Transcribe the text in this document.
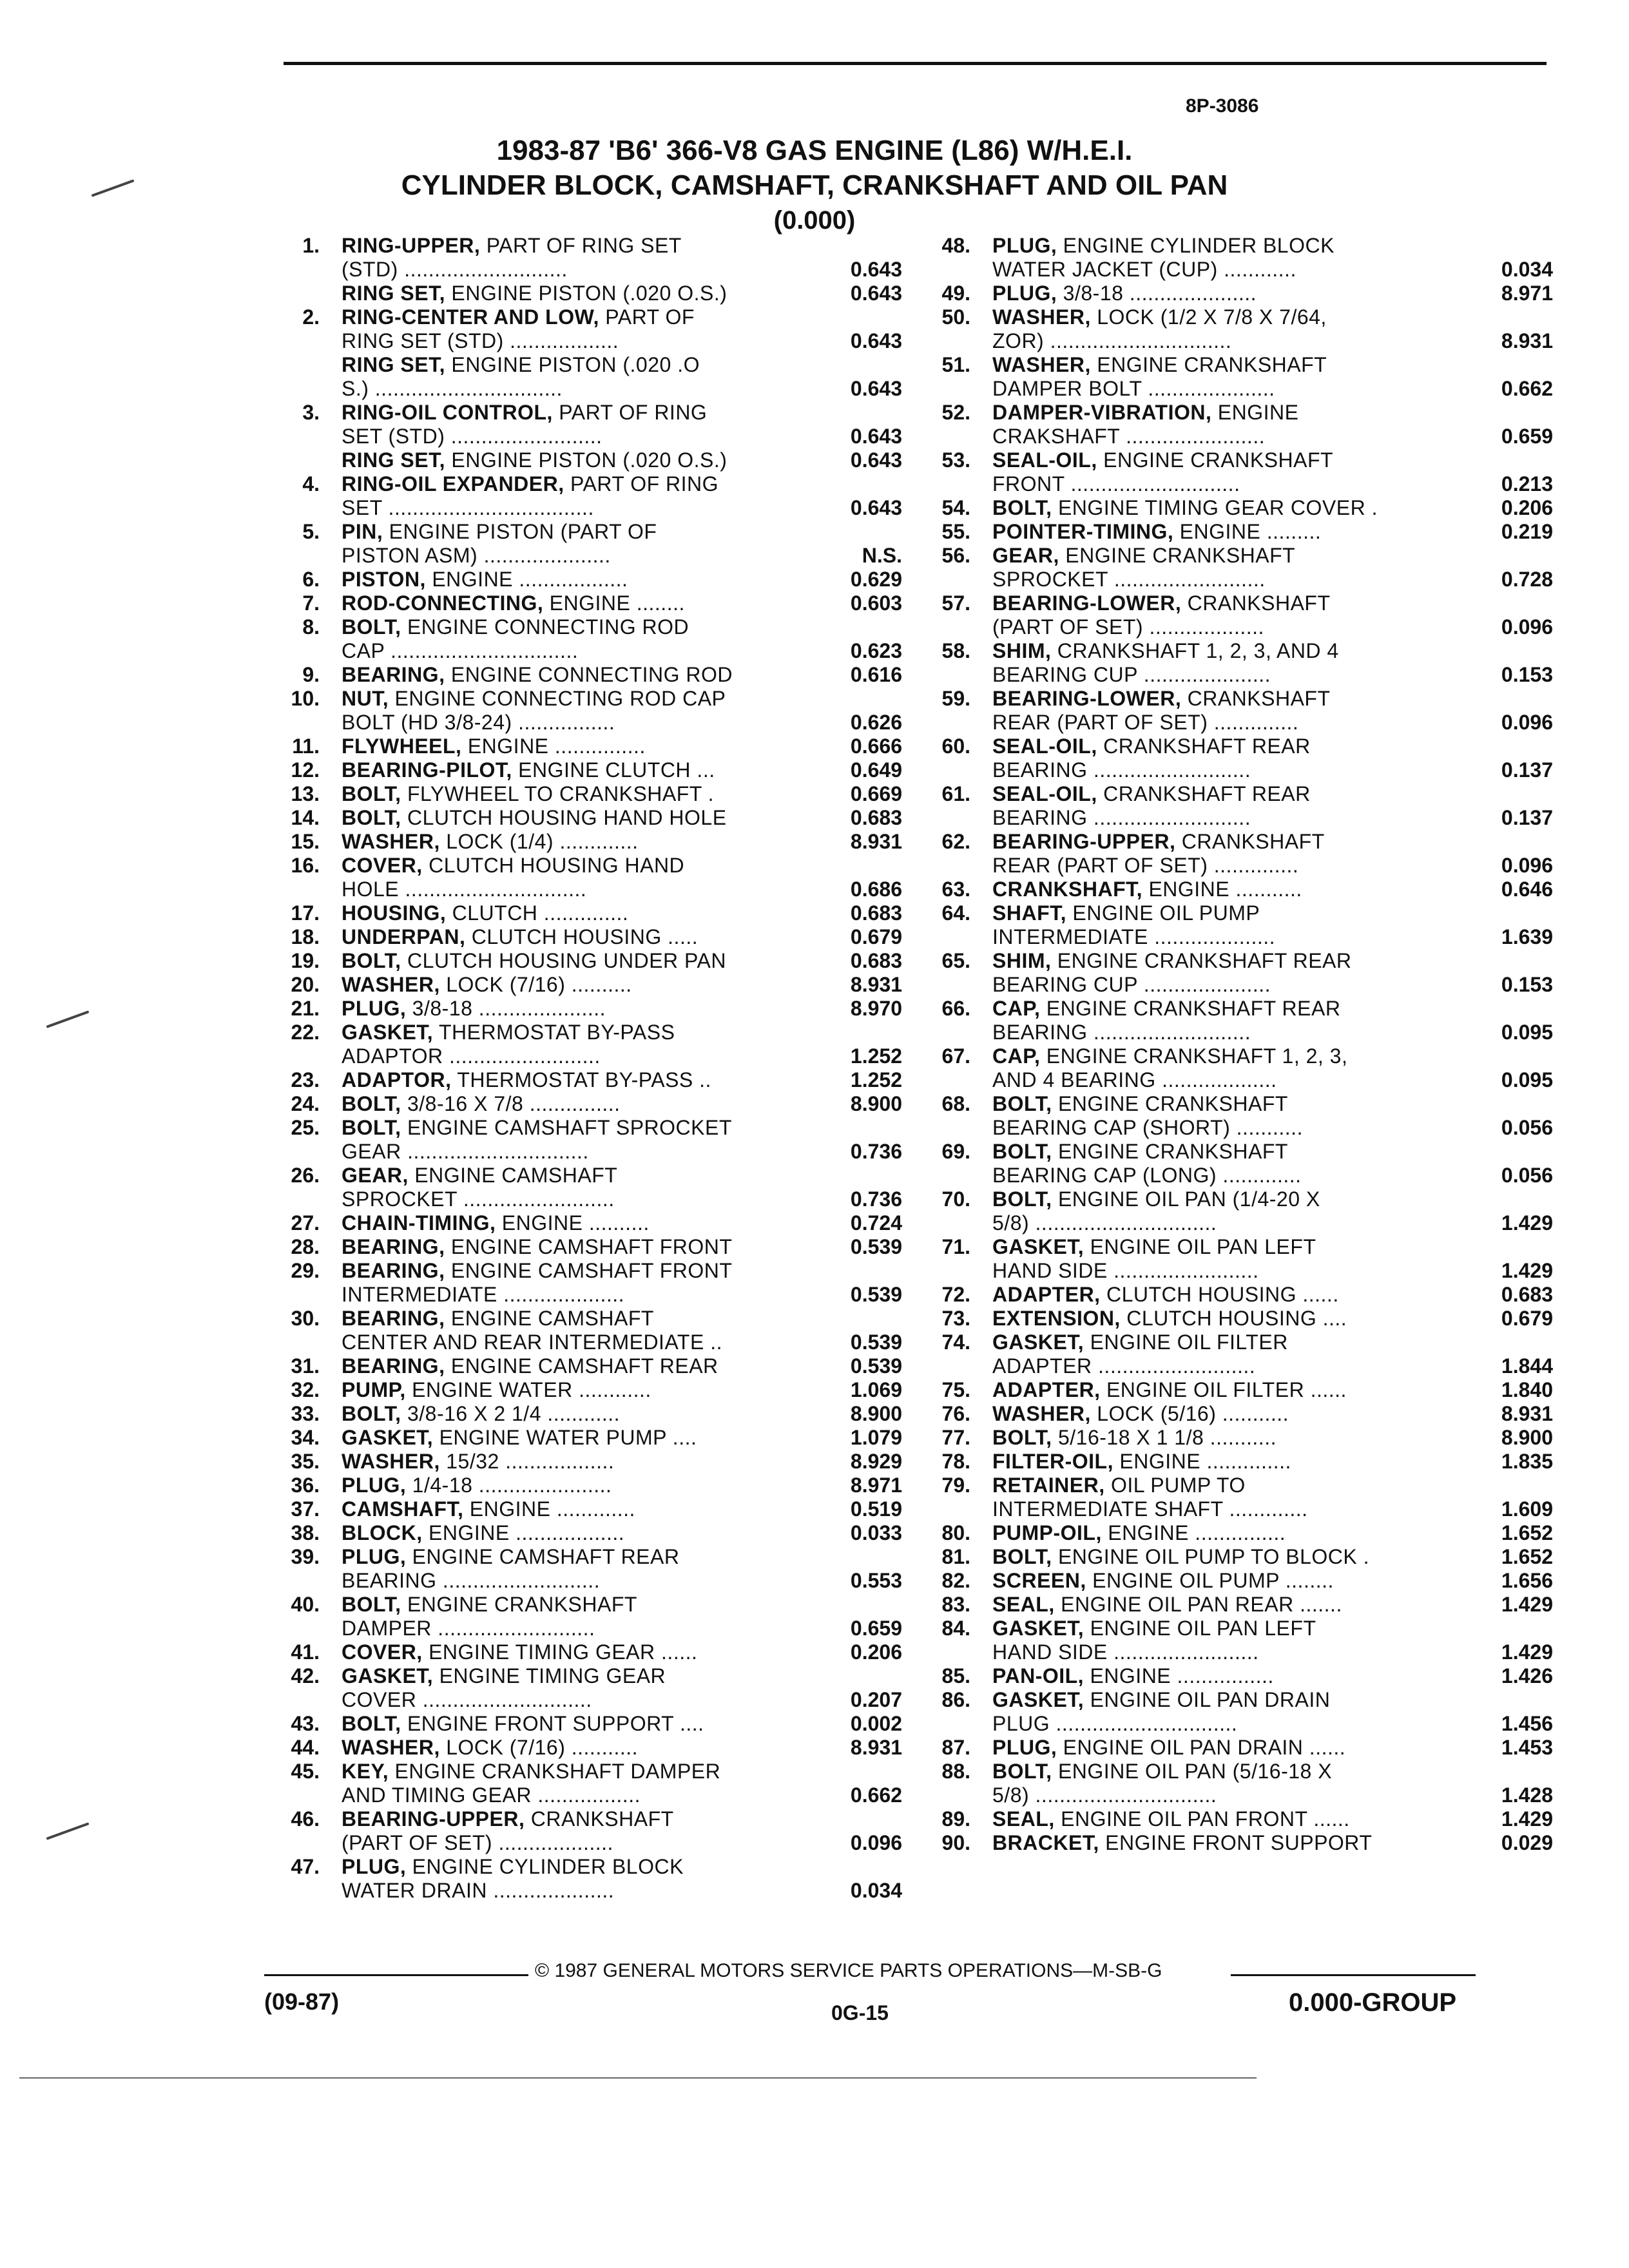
8P-3086
1983-87 'B6' 366-V8 GAS ENGINE (L86) W/H.E.I.
CYLINDER BLOCK, CAMSHAFT, CRANKSHAFT AND OIL PAN
(0.000)
1.	RING-UPPER, PART OF RING SET
(STD) ...........................	0.643
RING SET, ENGINE PISTON (.020 O.S.)	0.643
2.	RING-CENTER AND LOW, PART OF
RING SET (STD) ..................	0.643
RING SET, ENGINE PISTON (.020 .O
S.) ...............................	0.643
3.	RING-OIL CONTROL, PART OF RING
SET (STD) .........................	0.643
RING SET, ENGINE PISTON (.020 O.S.)	0.643
4.	RING-OIL EXPANDER, PART OF RING
SET ..................................	0.643
5.	PIN, ENGINE PISTON (PART OF
PISTON ASM) .....................	N.S.
6.	PISTON, ENGINE ..................	0.629
7.	ROD-CONNECTING, ENGINE ........	0.603
8.	BOLT, ENGINE CONNECTING ROD
CAP ...............................	0.623
9.	BEARING, ENGINE CONNECTING ROD	0.616
10.	NUT, ENGINE CONNECTING ROD CAP
BOLT (HD 3/8-24) ................	0.626
11.	FLYWHEEL, ENGINE ...............	0.666
12.	BEARING-PILOT, ENGINE CLUTCH ...	0.649
13.	BOLT, FLYWHEEL TO CRANKSHAFT .	0.669
14.	BOLT, CLUTCH HOUSING HAND HOLE	0.683
15.	WASHER, LOCK (1/4) .............	8.931
16.	COVER, CLUTCH HOUSING HAND
HOLE ..............................	0.686
17.	HOUSING, CLUTCH ..............	0.683
18.	UNDERPAN, CLUTCH HOUSING .....	0.679
19.	BOLT, CLUTCH HOUSING UNDER PAN	0.683
20.	WASHER, LOCK (7/16) ..........	8.931
21.	PLUG, 3/8-18 .....................	8.970
22.	GASKET, THERMOSTAT BY-PASS
ADAPTOR .........................	1.252
23.	ADAPTOR, THERMOSTAT BY-PASS ..	1.252
24.	BOLT, 3/8-16 X 7/8 ...............	8.900
25.	BOLT, ENGINE CAMSHAFT SPROCKET
GEAR ..............................	0.736
26.	GEAR, ENGINE CAMSHAFT
SPROCKET .........................	0.736
27.	CHAIN-TIMING, ENGINE ..........	0.724
28.	BEARING, ENGINE CAMSHAFT FRONT	0.539
29.	BEARING, ENGINE CAMSHAFT FRONT
INTERMEDIATE ....................	0.539
30.	BEARING, ENGINE CAMSHAFT
CENTER AND REAR INTERMEDIATE ..	0.539
31.	BEARING, ENGINE CAMSHAFT REAR	0.539
32.	PUMP, ENGINE WATER ............	1.069
33.	BOLT, 3/8-16 X 2 1/4 ............	8.900
34.	GASKET, ENGINE WATER PUMP ....	1.079
35.	WASHER, 15/32 ..................	8.929
36.	PLUG, 1/4-18 ......................	8.971
37.	CAMSHAFT, ENGINE .............	0.519
38.	BLOCK, ENGINE ..................	0.033
39.	PLUG, ENGINE CAMSHAFT REAR
BEARING ..........................	0.553
40.	BOLT, ENGINE CRANKSHAFT
DAMPER ..........................	0.659
41.	COVER, ENGINE TIMING GEAR ......	0.206
42.	GASKET, ENGINE TIMING GEAR
COVER ............................	0.207
43.	BOLT, ENGINE FRONT SUPPORT ....	0.002
44.	WASHER, LOCK (7/16) ...........	8.931
45.	KEY, ENGINE CRANKSHAFT DAMPER
AND TIMING GEAR .................	0.662
46.	BEARING-UPPER, CRANKSHAFT
(PART OF SET) ...................	0.096
47.	PLUG, ENGINE CYLINDER BLOCK
WATER DRAIN ....................	0.034
48.	PLUG, ENGINE CYLINDER BLOCK
WATER JACKET (CUP) ............	0.034
49.	PLUG, 3/8-18 .....................	8.971
50.	WASHER, LOCK (1/2 X 7/8 X 7/64,
ZOR) ..............................	8.931
51.	WASHER, ENGINE CRANKSHAFT
DAMPER BOLT .....................	0.662
52.	DAMPER-VIBRATION, ENGINE
CRAKSHAFT .......................	0.659
53.	SEAL-OIL, ENGINE CRANKSHAFT
FRONT ............................	0.213
54.	BOLT, ENGINE TIMING GEAR COVER .	0.206
55.	POINTER-TIMING, ENGINE .........	0.219
56.	GEAR, ENGINE CRANKSHAFT
SPROCKET .........................	0.728
57.	BEARING-LOWER, CRANKSHAFT
(PART OF SET) ...................	0.096
58.	SHIM, CRANKSHAFT 1, 2, 3, AND 4
BEARING CUP .....................	0.153
59.	BEARING-LOWER, CRANKSHAFT
REAR (PART OF SET) ..............	0.096
60.	SEAL-OIL, CRANKSHAFT REAR
BEARING ..........................	0.137
61.	SEAL-OIL, CRANKSHAFT REAR
BEARING ..........................	0.137
62.	BEARING-UPPER, CRANKSHAFT
REAR (PART OF SET) ..............	0.096
63.	CRANKSHAFT, ENGINE ...........	0.646
64.	SHAFT, ENGINE OIL PUMP
INTERMEDIATE ....................	1.639
65.	SHIM, ENGINE CRANKSHAFT REAR
BEARING CUP .....................	0.153
66.	CAP, ENGINE CRANKSHAFT REAR
BEARING ..........................	0.095
67.	CAP, ENGINE CRANKSHAFT 1, 2, 3,
AND 4 BEARING ...................	0.095
68.	BOLT, ENGINE CRANKSHAFT
BEARING CAP (SHORT) ...........	0.056
69.	BOLT, ENGINE CRANKSHAFT
BEARING CAP (LONG) .............	0.056
70.	BOLT, ENGINE OIL PAN (1/4-20 X
5/8) ..............................	1.429
71.	GASKET, ENGINE OIL PAN LEFT
HAND SIDE ........................	1.429
72.	ADAPTER, CLUTCH HOUSING ......	0.683
73.	EXTENSION, CLUTCH HOUSING ....	0.679
74.	GASKET, ENGINE OIL FILTER
ADAPTER ..........................	1.844
75.	ADAPTER, ENGINE OIL FILTER ......	1.840
76.	WASHER, LOCK (5/16) ...........	8.931
77.	BOLT, 5/16-18 X 1 1/8 ...........	8.900
78.	FILTER-OIL, ENGINE ..............	1.835
79.	RETAINER, OIL PUMP TO
INTERMEDIATE SHAFT .............	1.609
80.	PUMP-OIL, ENGINE ...............	1.652
81.	BOLT, ENGINE OIL PUMP TO BLOCK .	1.652
82.	SCREEN, ENGINE OIL PUMP ........	1.656
83.	SEAL, ENGINE OIL PAN REAR .......	1.429
84.	GASKET, ENGINE OIL PAN LEFT
HAND SIDE ........................	1.429
85.	PAN-OIL, ENGINE ................	1.426
86.	GASKET, ENGINE OIL PAN DRAIN
PLUG ..............................	1.456
87.	PLUG, ENGINE OIL PAN DRAIN ......	1.453
88.	BOLT, ENGINE OIL PAN (5/16-18 X
5/8) ..............................	1.428
89.	SEAL, ENGINE OIL PAN FRONT ......	1.429
90.	BRACKET, ENGINE FRONT SUPPORT	0.029
© 1987 GENERAL MOTORS SERVICE PARTS OPERATIONS—M-SB-G
(09-87)	0G-15	0.000-GROUP
